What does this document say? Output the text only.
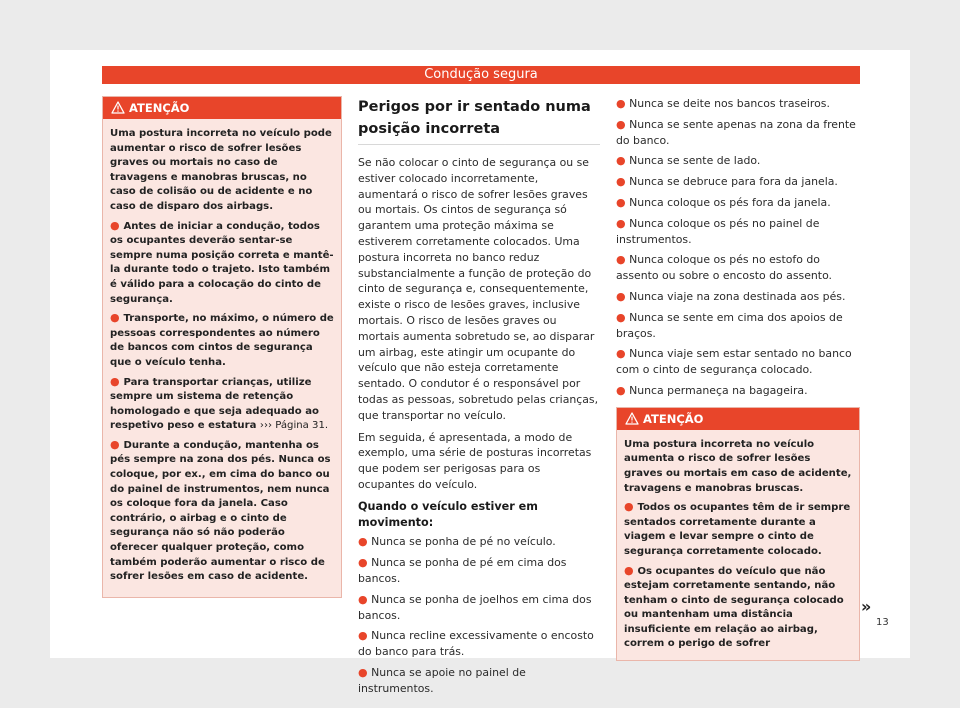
Condução segura
ATENÇÃO

Uma postura incorreta no veículo pode aumentar o risco de sofrer lesões graves ou mortais no caso de travagens e manobras bruscas, no caso de colisão ou de acidente e no caso de disparo dos airbags.

● Antes de iniciar a condução, todos os ocupantes deverão sentar-se sempre numa posição correta e mantê-la durante todo o trajeto. Isto também é válido para a colocação do cinto de segurança.

● Transporte, no máximo, o número de pessoas correspondentes ao número de bancos com cintos de segurança que o veículo tenha.

● Para transportar crianças, utilize sempre um sistema de retenção homologado e que seja adequado ao respetivo peso e estatura ››› Página 31.

● Durante a condução, mantenha os pés sempre na zona dos pés. Nunca os coloque, por ex., em cima do banco ou do painel de instrumentos, nem nunca os coloque fora da janela. Caso contrário, o airbag e o cinto de segurança não só não poderão oferecer qualquer proteção, como também poderão aumentar o risco de sofrer lesões em caso de acidente.

Perigos por ir sentado numa posição incorreta

Se não colocar o cinto de segurança ou se estiver colocado incorretamente, aumentará o risco de sofrer lesões graves ou mortais. Os cintos de segurança só garantem uma proteção máxima se estiverem corretamente colocados. Uma postura incorreta no banco reduz substancialmente a função de proteção do cinto de segurança e, consequentemente, existe o risco de lesões graves, inclusive mortais. O risco de lesões graves ou mortais aumenta sobretudo se, ao disparar um airbag, este atingir um ocupante do veículo que não esteja corretamente sentado. O condutor é o responsável por todas as pessoas, sobretudo pelas crianças, que transportar no veículo.

Em seguida, é apresentada, a modo de exemplo, uma série de posturas incorretas que podem ser perigosas para os ocupantes do veículo.

Quando o veículo estiver em movimento:
● Nunca se ponha de pé no veículo.
● Nunca se ponha de pé em cima dos bancos.
● Nunca se ponha de joelhos em cima dos bancos.
● Nunca recline excessivamente o encosto do banco para trás.
● Nunca se apoie no painel de instrumentos.
● Nunca se deite nos bancos traseiros.
● Nunca se sente apenas na zona da frente do banco.
● Nunca se sente de lado.
● Nunca se debruce para fora da janela.
● Nunca coloque os pés fora da janela.
● Nunca coloque os pés no painel de instrumentos.
● Nunca coloque os pés no estofo do assento ou sobre o encosto do assento.
● Nunca viaje na zona destinada aos pés.
● Nunca se sente em cima dos apoios de braços.
● Nunca viaje sem estar sentado no banco com o cinto de segurança colocado.
● Nunca permaneça na bagageira.
ATENÇÃO

Uma postura incorreta no veículo aumenta o risco de sofrer lesões graves ou mortais em caso de acidente, travagens e manobras bruscas.

● Todos os ocupantes têm de ir sempre sentados corretamente durante a viagem e levar sempre o cinto de segurança corretamente colocado.

● Os ocupantes do veículo que não estejam corretamente sentando, não tenham o cinto de segurança colocado ou mantenham uma distância insuficiente em relação ao airbag, correm o perigo de sofrer

»
13
